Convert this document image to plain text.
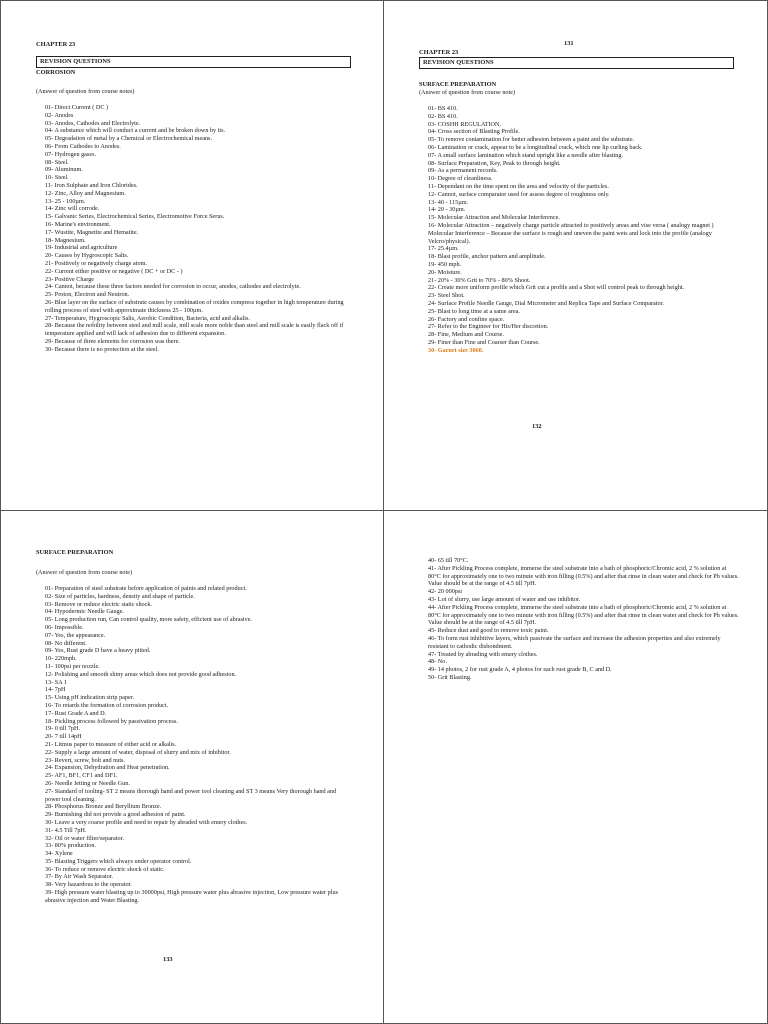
CHAPTER 23
REVISION QUESTIONS
CORROSION
(Answer of question from course notes)
01- Direct Current ( DC )
02- Anodes
03- Anodes, Cathodes and Electrolyte.
04- A substance which will conduct a current and be broken down by its.
05- Degradation of metal by a Chemical or Electrochemical means.
06- From Cathodes to Anodes.
07- Hydrogen gases.
08- Steel.
09- Aluminum.
10- Steel.
11- Iron Sulphate and Iron Chlorides.
12- Zinc, Alloy and Magnesium.
13- 25 - 100µm.
14- Zinc will corrode.
15- Galvanic Series, Electrochemical Series, Electromotive Force Serus.
16- Marine's environment.
17- Wustite, Magnetite and Hematite.
18- Magnesium.
19- Industrial and agriculture
20- Causes by Hygroscopic Salts.
21- Positively or negatively charge atom.
22- Current either positive or negative ( DC + or DC - )
23- Positive Charge
24- Cannot, because these three factors needed for corrosion to occur, anodes, cathodes and electrolyte.
25- Proton, Electron and Neutron.
26- Blue layer on the surface of substrate causes by combination of oxides compress together in high temperature during rolling process of steel with approximate thickness 25 - 100µm.
27- Temperature, Hygroscopic Salts, Aerobic Condition, Bacteria, acid and alkalis.
28- Because the nobility between steel and mill scale, mill scale more noble than steel and mill scale is easily flack off if temperature applied and will lack of adhesion due to different expansion.
29- Because of three elements for corrosion was there.
30- Because there is no protection at the steel.
131
CHAPTER 23
REVISION QUESTIONS
SURFACE PREPARATION
(Answer of question from course note)
01- BS 410.
02- BS 410.
03- COSHH REGULATION.
04- Cross section of Blasting Profile.
05- To remove contamination for better adhesion between a paint and the substrate.
06- Lamination or crack, appear to be a longitudinal crack, which one lip curling back.
07- A small surface lamination which stand upright like a needle after blasting.
08- Surface Preparation, Key, Peak to through height.
09- As a permanent records.
10- Degree of cleanliness.
11- Dependant on the time spent on the area and velocity of the particles.
12- Cannot, surface comparator used for assess degree of roughness only.
13- 40 - 115µm.
14- 20 - 30µm.
15- Molecular Attraction and Molecular Interference.
16- Molecular Attraction – negatively charge particle attracted to positively areas and vise versa ( analogy magnet ) Molecular Interference – Because the surface is rough and uneven the paint wets and lock into the profile (analogy Velcro/physical).
17- 25.4µm.
18- Blast profile, anchor pattern and amplitude.
19- 450 mph.
20- Moisture.
21- 20% - 30% Grit to 70% - 80% Shoot.
22- Create more uniform profile which Grit cut a profile and a Shot will control peak to through height.
23- Steel Shot.
24- Surface Profile Needle Gauge, Dial Micrometer and Replica Tape and Surface Comparator.
25- Blast to long time at a same area.
26- Factory and confine space.
27- Refer to the Engineer for His/Her discretion.
28- Fine, Medium and Course.
29- Finer than Fine and Coarser than Course.
30- Garnet size 3060.
132
SURFACE PREPARATION
(Answer of question from course note)
01- Preparation of steel substrate before application of paints and related product.
02- Size of particles, hardness, density and shape of particle.
03- Remove or reduce electric static shock.
04- Hypodermic Needle Gauge.
05- Long production run, Can control quality, more safety, efficient use of abrasive.
06- Impossible.
07- Yes, the appearance.
08- No different.
09- Yes, Rust grade D have a heavy pitted.
10- 220mph.
11- 100psi per nozzle.
12- Polishing and smooth shiny areas which does not provide good adhesion.
13- SA 1
14- 7pH
15- Using pH indication strip paper.
16- To retards the formation of corrosion product.
17- Rust Grade A and D.
18- Pickling process followed by passivation process.
19- 0 till 7pH.
20- 7 till 14pH
21- Litmus paper to measure of either acid or alkalis.
22- Supply a large amount of water, disposal of slurry and mix of inhibitor.
23- Revert, screw, bolt and nuts.
24- Expansion, Dehydration and Heat penetration.
25- AF1, BF1, CF1 and DF1.
26- Needle Jetting or Needle Gun.
27- Standard of tooling- ST 2 means thorough hand and power tool cleaning and ST 3 means Very thorough hand and power tool cleaning.
28- Phosphorus Bronze and Beryllium Bronze.
29- Burnishing did not provide a good adhesion of paint.
30- Leave a very coarse profile and need to repair by abraded with emery clothes.
31- 4.5 Till 7pH.
32- Oil or water filter/separator.
33- 80% production.
34- Xylene
35- Blasting Triggers which always under operator control.
36- To reduce or remove electric shock of static.
37- By Air Wash Separator.
38- Very hazardous to the operator.
39- High pressure water blasting up to 30000psi, High pressure water plus abrasive injection, Low pressure water plus abrasive injection and Water Blasting.
133
40- 65 till 70°C.
41- After Pickling Process complete, immerse the steel substrate into a bath of phosphoric/Chromic acid, 2 % solution at 80°C for approximately one to two minute with iron filling (0.5%) and after that rinse in clean water and check for Ph values. Value should be at the range of 4.5 till 7pH.
42- 20 000psi
43- Lot of slurry, use large amount of water and use inhibitor.
44- After Pickling Process complete, immerse the steel substrate into a bath of phosphoric/Chromic acid, 2 % solution at 80°C for approximately one to two minute with iron filling (0.5%) and after that rinse in clean water and check for Ph values. Value should be at the range of 4.5 till 7pH.
45- Reduce dust and good to remove toxic paint.
46- To form rust inhibitive layers, which passivate the surface and increase the adhesion properties and also extremely resistant to cathodic disbondment.
47- Treated by abrading with emery clothes.
48- No.
49- 14 photos, 2 for rust grade A, 4 photos for each rust grade B, C and D.
50- Grit Blasting.
